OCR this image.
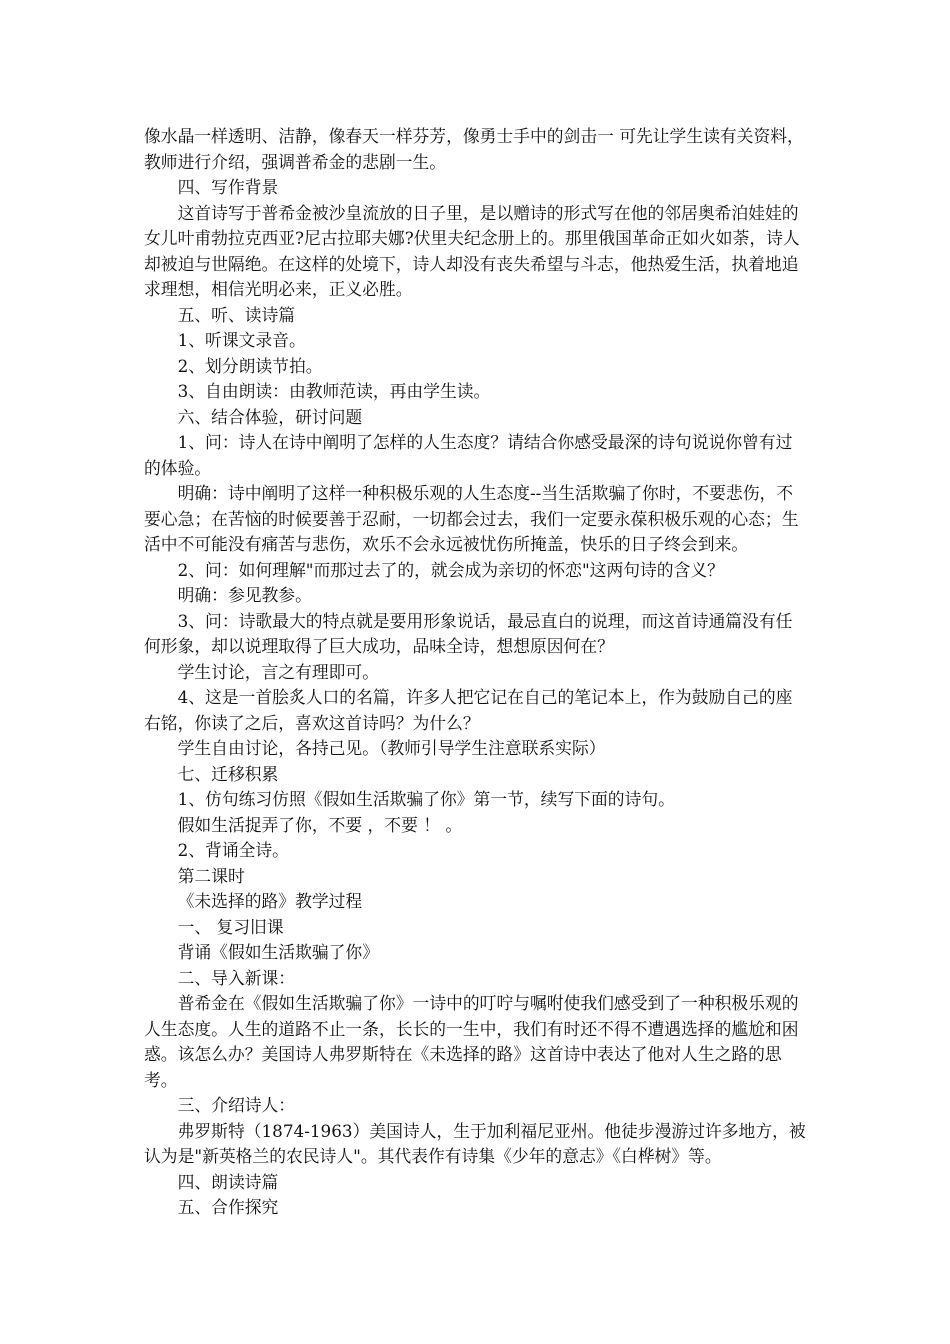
像水晶一样透明、洁静，像春天一样芬芳，像勇士手中的剑击一 可先让学生读有关资料，教师进行介绍，强调普希金的悲剧一生。

四、写作背景

这首诗写于普希金被沙皇流放的日子里，是以赠诗的形式写在他的邻居奥希泊娃娃的女儿叶甫勃拉克西亚?尼古拉耶夫娜?伏里夫纪念册上的。那里俄国革命正如火如荼，诗人却被迫与世隔绝。在这样的处境下，诗人却没有丧失希望与斗志，他热爱生活，执着地追求理想，相信光明必来，正义必胜。

五、听、读诗篇

1、听课文录音。

2、划分朗读节拍。

3、自由朗读：由教师范读，再由学生读。

六、结合体验，研讨问题

1、问：诗人在诗中阐明了怎样的人生态度？请结合你感受最深的诗句说说你曾有过的体验。

明确：诗中阐明了这样一种积极乐观的人生态度--当生活欺骗了你时，不要悲伤，不要心急；在苦恼的时候要善于忍耐，一切都会过去，我们一定要永葆积极乐观的心态；生活中不可能没有痛苦与悲伤，欢乐不会永远被忧伤所掩盖，快乐的日子终会到来。

2、问：如何理解"而那过去了的，就会成为亲切的怀恋"这两句诗的含义？

明确：参见教参。

3、问：诗歌最大的特点就是要用形象说话，最忌直白的说理，而这首诗通篇没有任何形象，却以说理取得了巨大成功，品味全诗，想想原因何在？

学生讨论，言之有理即可。

4、这是一首脍炙人口的名篇，许多人把它记在自己的笔记本上，作为鼓励自己的座右铭，你读了之后，喜欢这首诗吗？为什么？

学生自由讨论，各持己见。（教师引导学生注意联系实际）

七、迁移积累

1、仿句练习仿照《假如生活欺骗了你》第一节，续写下面的诗句。

假如生活捉弄了你，不要 ，不要 ！ 。

2、背诵全诗。

第二课时

《未选择的路》教学过程

一、 复习旧课

背诵《假如生活欺骗了你》

二、导入新课：

普希金在《假如生活欺骗了你》一诗中的叮咛与嘱咐使我们感受到了一种积极乐观的人生态度。人生的道路不止一条，长长的一生中，我们有时还不得不遭遇选择的尴尬和困惑。该怎么办？美国诗人弗罗斯特在《未选择的路》这首诗中表达了他对人生之路的思考。

三、介绍诗人：

弗罗斯特（1874-1963）美国诗人，生于加利福尼亚州。他徒步漫游过许多地方，被认为是"新英格兰的农民诗人"。其代表作有诗集《少年的意志》《白桦树》等。

四、朗读诗篇

五、合作探究
